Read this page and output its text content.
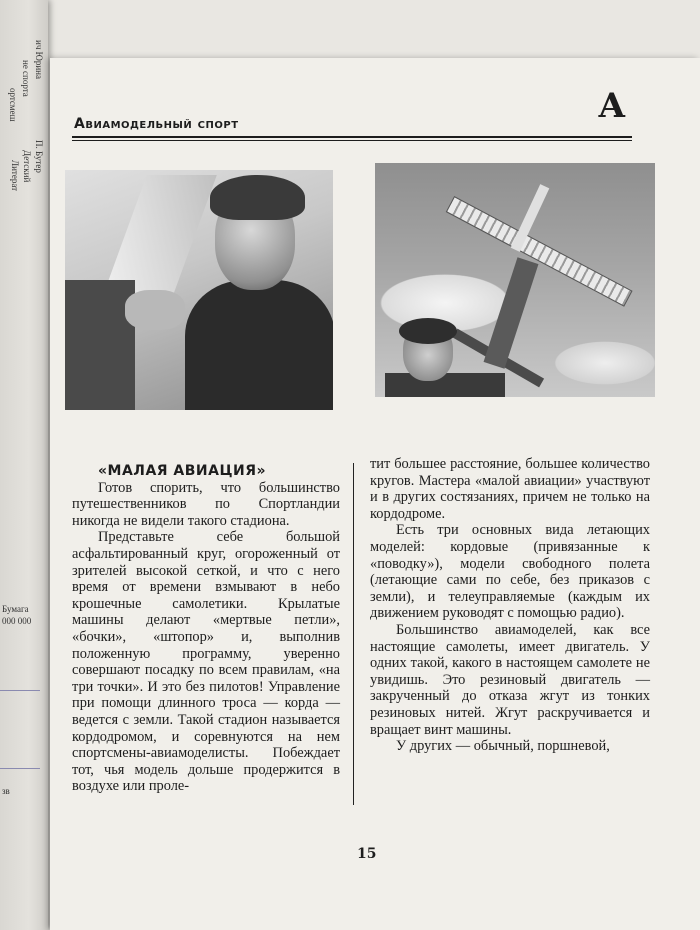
ич Юрина
не спорта
ортсмеш
П. Бутер
Детский
Литерат
Бумага
000 000
зв
Авиамодельный спорт	А

«МАЛАЯ АВИАЦИЯ»

Готов спорить, что большинство путешественников по Спортландии никогда не видели такого стадиона.

Представьте себе большой асфальтированный круг, огороженный от зрителей высокой сеткой, и что с него время от времени взмывают в небо крошечные самолетики. Крылатые машины делают «мертвые петли», «бочки», «штопор» и, выполнив положенную программу, уверенно совершают посадку по всем правилам, «на три точки». И это без пилотов! Управление при помощи длинного троса — корда — ведется с земли. Такой стадион называется кордодромом, и соревнуются на нем спортсмены-авиамоделисты. Побеждает тот, чья модель дольше продержится в воздухе или проле-

тит большее расстояние, большее количество кругов. Мастера «малой авиации» участвуют и в других состязаниях, причем не только на кордодроме.

Есть три основных вида летающих моделей: кордовые (привязанные к «поводку»), модели свободного полета (летающие сами по себе, без приказов с земли), и телеуправляемые (каждым их движением руководят с помощью радио).

Большинство авиамоделей, как все настоящие самолеты, имеет двигатель. У одних такой, какого в настоящем самолете не увидишь. Это резиновый двигатель — закрученный до отказа жгут из тонких резиновых нитей. Жгут раскручивается и вращает винт машины.

У других — обычный, поршневой,

15
